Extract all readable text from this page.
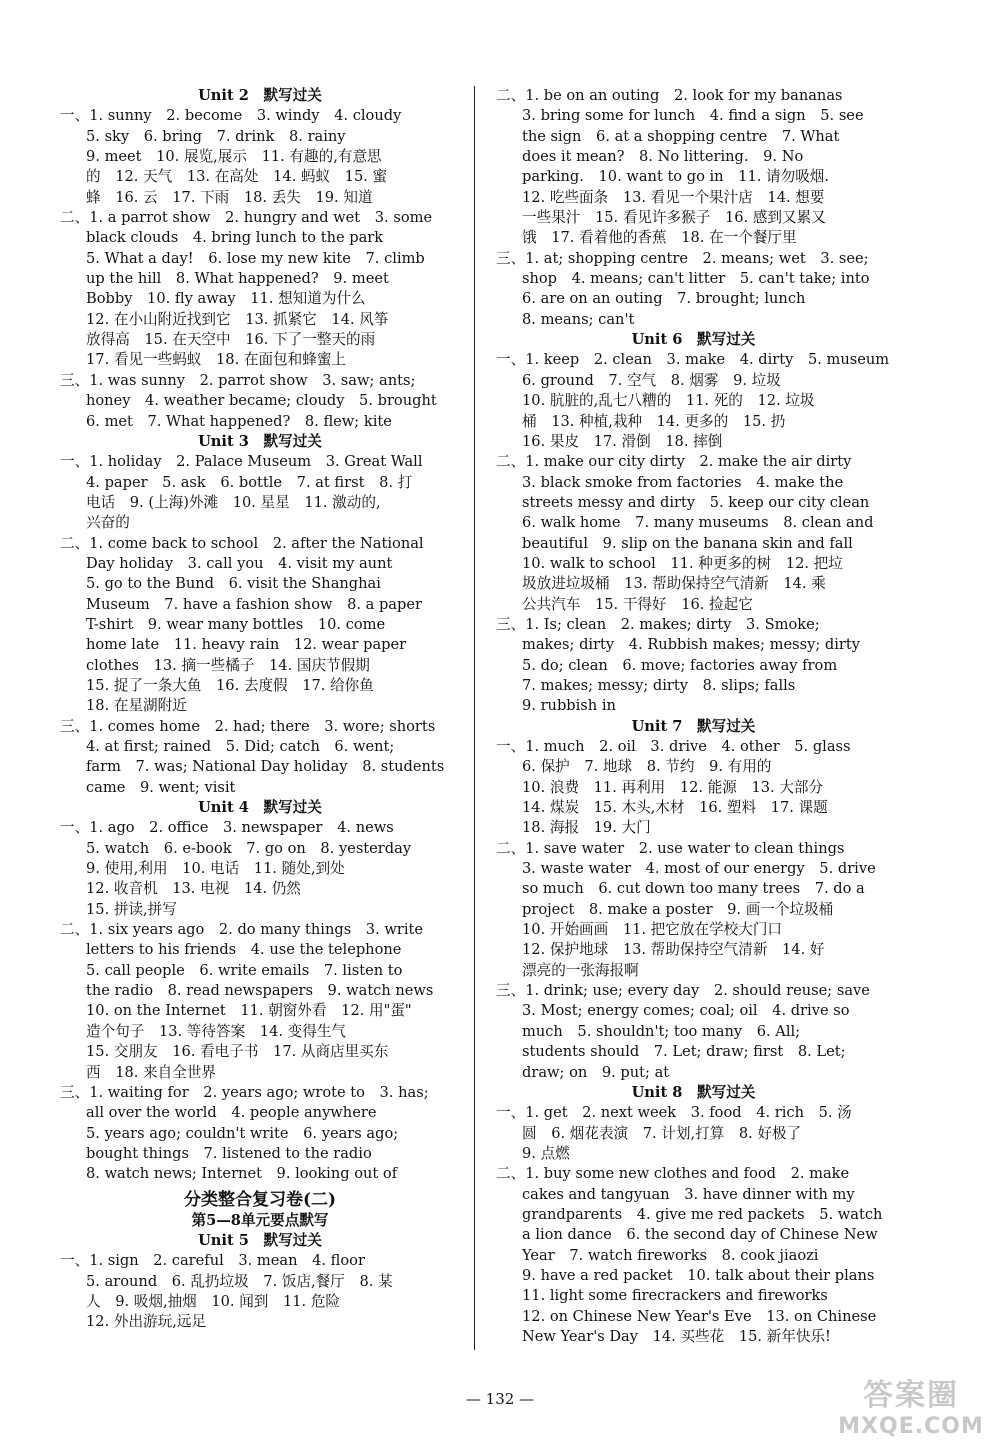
Unit 2　默写过关
一、1. sunny　2. become　3. windy　4. cloudy
5. sky　6. bring　7. drink　8. rainy
9. meet　10. 展览,展示　11. 有趣的,有意思
的　12. 天气　13. 在高处　14. 蚂蚁　15. 蜜
蜂　16. 云　17. 下雨　18. 丢失　19. 知道
二、1. a parrot show　2. hungry and wet　3. some
black clouds　4. bring lunch to the park
5. What a day!　6. lose my new kite　7. climb
up the hill　8. What happened?　9. meet
Bobby　10. fly away　11. 想知道为什么
12. 在小山附近找到它　13. 抓紧它　14. 风筝
放得高　15. 在天空中　16. 下了一整天的雨
17. 看见一些蚂蚁　18. 在面包和蜂蜜上
三、1. was sunny　2. parrot show　3. saw; ants;
honey　4. weather became; cloudy　5. brought
6. met　7. What happened?　8. flew; kite
Unit 3　默写过关
一、1. holiday　2. Palace Museum　3. Great Wall
4. paper　5. ask　6. bottle　7. at first　8. 打
电话　9. (上海)外滩　10. 星星　11. 激动的,
兴奋的
二、1. come back to school　2. after the National
Day holiday　3. call you　4. visit my aunt
5. go to the Bund　6. visit the Shanghai
Museum　7. have a fashion show　8. a paper
T-shirt　9. wear many bottles　10. come
home late　11. heavy rain　12. wear paper
clothes　13. 摘一些橘子　14. 国庆节假期
15. 捉了一条大鱼　16. 去度假　17. 给你鱼
18. 在星湖附近
三、1. comes home　2. had; there　3. wore; shorts
4. at first; rained　5. Did; catch　6. went;
farm　7. was; National Day holiday　8. students
came　9. went; visit
Unit 4　默写过关
一、1. ago　2. office　3. newspaper　4. news
5. watch　6. e-book　7. go on　8. yesterday
9. 使用,利用　10. 电话　11. 随处,到处
12. 收音机　13. 电视　14. 仍然
15. 拼读,拼写
二、1. six years ago　2. do many things　3. write
letters to his friends　4. use the telephone
5. call people　6. write emails　7. listen to
the radio　8. read newspapers　9. watch news
10. on the Internet　11. 朝窗外看　12. 用"蛋"
造个句子　13. 等待答案　14. 变得生气
15. 交朋友　16. 看电子书　17. 从商店里买东
西　18. 来自全世界
三、1. waiting for　2. years ago; wrote to　3. has;
all over the world　4. people anywhere
5. years ago; couldn't write　6. years ago;
bought things　7. listened to the radio
8. watch news; Internet　9. looking out of
分类整合复习卷(二)
第5—8单元要点默写
Unit 5　默写过关
一、1. sign　2. careful　3. mean　4. floor
5. around　6. 乱扔垃圾　7. 饭店,餐厅　8. 某
人　9. 吸烟,抽烟　10. 闻到　11. 危险
12. 外出游玩,远足
二、1. be on an outing　2. look for my bananas
3. bring some for lunch　4. find a sign　5. see
the sign　6. at a shopping centre　7. What
does it mean?　8. No littering.　9. No
parking.　10. want to go in　11. 请勿吸烟.
12. 吃些面条　13. 看见一个果汁店　14. 想要
一些果汁　15. 看见许多猴子　16. 感到又累又
饿　17. 看着他的香蕉　18. 在一个餐厅里
三、1. at; shopping centre　2. means; wet　3. see;
shop　4. means; can't litter　5. can't take; into
6. are on an outing　7. brought; lunch
8. means; can't
Unit 6　默写过关
一、1. keep　2. clean　3. make　4. dirty　5. museum
6. ground　7. 空气　8. 烟雾　9. 垃圾
10. 肮脏的,乱七八糟的　11. 死的　12. 垃圾
桶　13. 种植,栽种　14. 更多的　15. 扔
16. 果皮　17. 滑倒　18. 摔倒
二、1. make our city dirty　2. make the air dirty
3. black smoke from factories　4. make the
streets messy and dirty　5. keep our city clean
6. walk home　7. many museums　8. clean and
beautiful　9. slip on the banana skin and fall
10. walk to school　11. 种更多的树　12. 把垃
圾放进垃圾桶　13. 帮助保持空气清新　14. 乘
公共汽车　15. 干得好　16. 捡起它
三、1. Is; clean　2. makes; dirty　3. Smoke;
makes; dirty　4. Rubbish makes; messy; dirty
5. do; clean　6. move; factories away from
7. makes; messy; dirty　8. slips; falls
9. rubbish in
Unit 7　默写过关
一、1. much　2. oil　3. drive　4. other　5. glass
6. 保护　7. 地球　8. 节约　9. 有用的
10. 浪费　11. 再利用　12. 能源　13. 大部分
14. 煤炭　15. 木头,木材　16. 塑料　17. 课题
18. 海报　19. 大门
二、1. save water　2. use water to clean things
3. waste water　4. most of our energy　5. drive
so much　6. cut down too many trees　7. do a
project　8. make a poster　9. 画一个垃圾桶
10. 开始画画　11. 把它放在学校大门口
12. 保护地球　13. 帮助保持空气清新　14. 好
漂亮的一张海报啊
三、1. drink; use; every day　2. should reuse; save
3. Most; energy comes; coal; oil　4. drive so
much　5. shouldn't; too many　6. All;
students should　7. Let; draw; first　8. Let;
draw; on　9. put; at
Unit 8　默写过关
一、1. get　2. next week　3. food　4. rich　5. 汤
圆　6. 烟花表演　7. 计划,打算　8. 好极了
9. 点燃
二、1. buy some new clothes and food　2. make
cakes and tangyuan　3. have dinner with my
grandparents　4. give me red packets　5. watch
a lion dance　6. the second day of Chinese New
Year　7. watch fireworks　8. cook jiaozi
9. have a red packet　10. talk about their plans
11. light some firecrackers and fireworks
12. on Chinese New Year's Eve　13. on Chinese
New Year's Day　14. 买些花　15. 新年快乐!
— 132 —	答案圈
MXQE.COM
